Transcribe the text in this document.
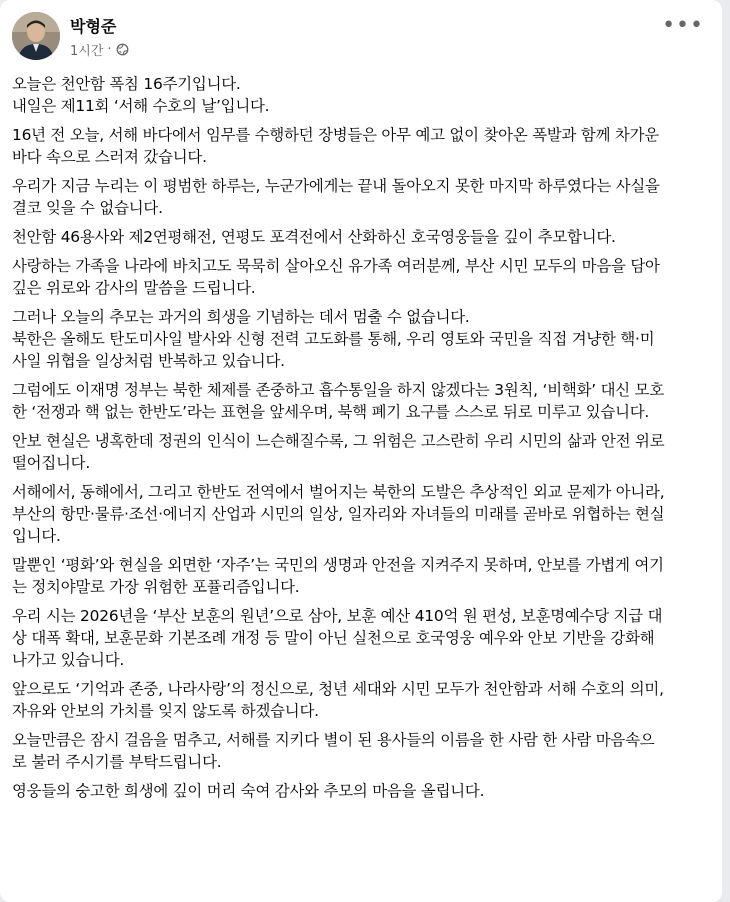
박형준
1시간 ·
•••

오늘은 천안함 폭침 16주기입니다.
내일은 제11회 ‘서해 수호의 날’입니다.

16년 전 오늘, 서해 바다에서 임무를 수행하던 장병들은 아무 예고 없이 찾아온 폭발과 함께 차가운
바다 속으로 스러져 갔습니다.

우리가 지금 누리는 이 평범한 하루는, 누군가에게는 끝내 돌아오지 못한 마지막 하루였다는 사실을
결코 잊을 수 없습니다.

천안함 46용사와 제2연평해전, 연평도 포격전에서 산화하신 호국영웅들을 깊이 추모합니다.

사랑하는 가족을 나라에 바치고도 묵묵히 살아오신 유가족 여러분께, 부산 시민 모두의 마음을 담아
깊은 위로와 감사의 말씀을 드립니다.

그러나 오늘의 추모는 과거의 희생을 기념하는 데서 멈출 수 없습니다.
북한은 올해도 탄도미사일 발사와 신형 전력 고도화를 통해, 우리 영토와 국민을 직접 겨냥한 핵·미
사일 위협을 일상처럼 반복하고 있습니다.

그럼에도 이재명 정부는 북한 체제를 존중하고 흡수통일을 하지 않겠다는 3원칙, ‘비핵화’ 대신 모호
한 ‘전쟁과 핵 없는 한반도’라는 표현을 앞세우며, 북핵 폐기 요구를 스스로 뒤로 미루고 있습니다.

안보 현실은 냉혹한데 정권의 인식이 느슨해질수록, 그 위험은 고스란히 우리 시민의 삶과 안전 위로
떨어집니다.

서해에서, 동해에서, 그리고 한반도 전역에서 벌어지는 북한의 도발은 추상적인 외교 문제가 아니라,
부산의 항만·물류·조선·에너지 산업과 시민의 일상, 일자리와 자녀들의 미래를 곧바로 위협하는 현실
입니다.

말뿐인 ‘평화’와 현실을 외면한 ‘자주’는 국민의 생명과 안전을 지켜주지 못하며, 안보를 가볍게 여기
는 정치야말로 가장 위험한 포퓰리즘입니다.

우리 시는 2026년을 ‘부산 보훈의 원년’으로 삼아, 보훈 예산 410억 원 편성, 보훈명예수당 지급 대
상 대폭 확대, 보훈문화 기본조례 개정 등 말이 아닌 실천으로 호국영웅 예우와 안보 기반을 강화해
나가고 있습니다.

앞으로도 ‘기억과 존중, 나라사랑’의 정신으로, 청년 세대와 시민 모두가 천안함과 서해 수호의 의미,
자유와 안보의 가치를 잊지 않도록 하겠습니다.

오늘만큼은 잠시 걸음을 멈추고, 서해를 지키다 별이 된 용사들의 이름을 한 사람 한 사람 마음속으
로 불러 주시기를 부탁드립니다.

영웅들의 숭고한 희생에 깊이 머리 숙여 감사와 추모의 마음을 올립니다.
